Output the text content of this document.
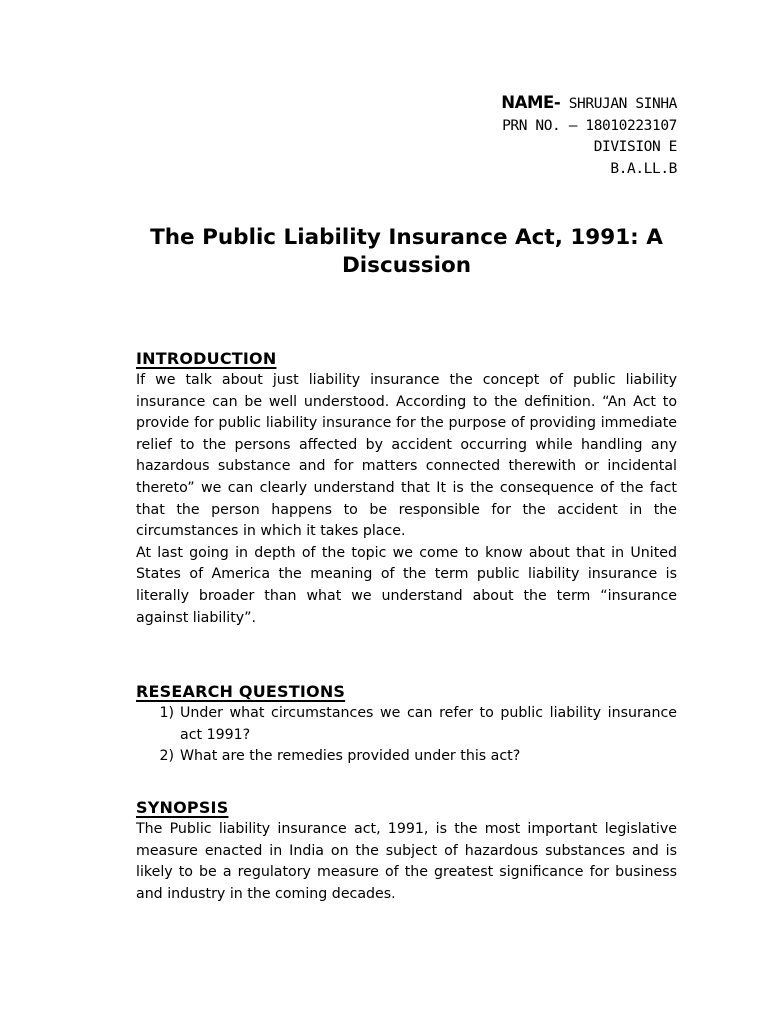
NAME- SHRUJAN SINHA
PRN NO. – 18010223107
DIVISION E
B.A.LL.B
The Public Liability Insurance Act, 1991: A Discussion
INTRODUCTION

If we talk about just liability insurance the concept of public liability insurance can be well understood. According to the definition. “An Act to provide for public liability insurance for the purpose of providing immediate relief to the persons affected by accident occurring while handling any hazardous substance and for matters connected therewith or incidental thereto” we can clearly understand that It is the consequence of the fact that the person happens to be responsible for the accident in the circumstances in which it takes place.

At last going in depth of the topic we come to know about that in United States of America the meaning of the term public liability insurance is literally broader than what we understand about the term “insurance against liability”.

RESEARCH QUESTIONS
1) Under what circumstances we can refer to public liability insurance act 1991?
2) What are the remedies provided under this act?
SYNOPSIS

The Public liability insurance act, 1991, is the most important legislative measure enacted in India on the subject of hazardous substances and is likely to be a regulatory measure of the greatest significance for business and industry in the coming decades.
